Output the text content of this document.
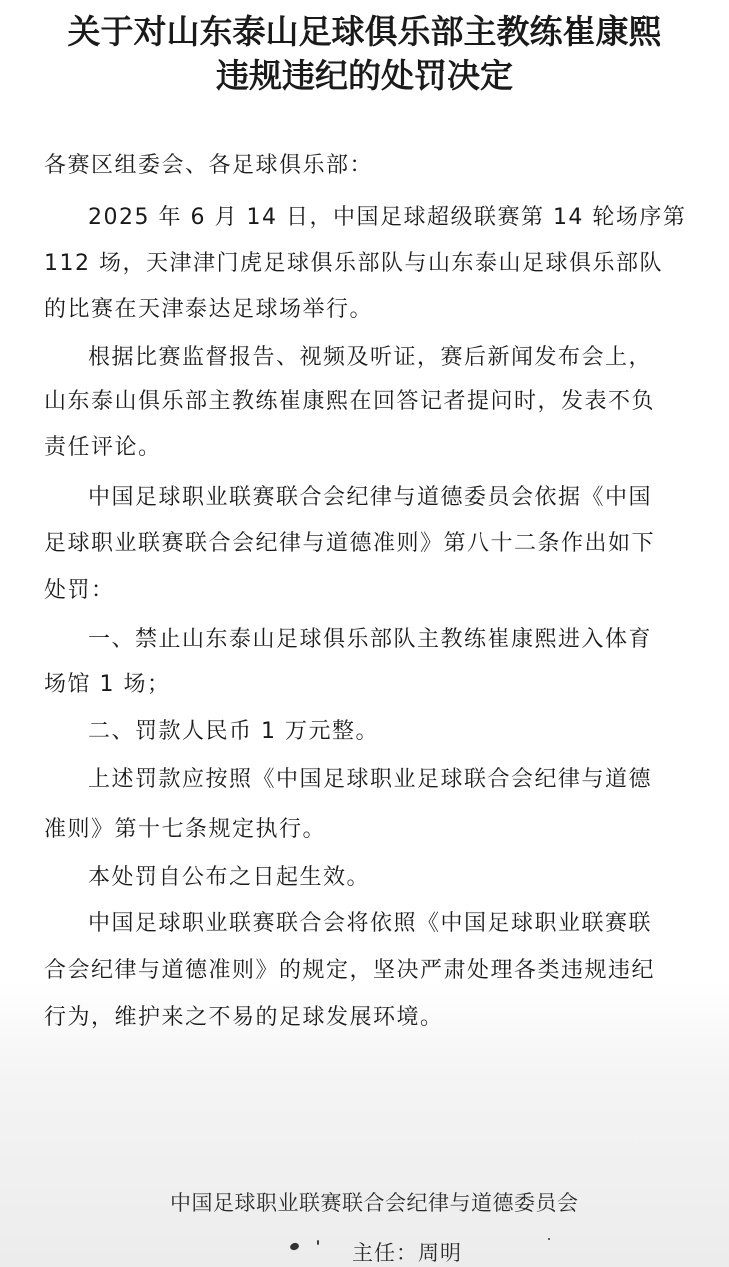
关于对山东泰山足球俱乐部主教练崔康熙
违规违纪的处罚决定
各赛区组委会、各足球俱乐部：
2025 年 6 月 14 日，中国足球超级联赛第 14 轮场序第
112 场，天津津门虎足球俱乐部队与山东泰山足球俱乐部队
的比赛在天津泰达足球场举行。
根据比赛监督报告、视频及听证，赛后新闻发布会上，
山东泰山俱乐部主教练崔康熙在回答记者提问时，发表不负
责任评论。
中国足球职业联赛联合会纪律与道德委员会依据《中国
足球职业联赛联合会纪律与道德准则》第八十二条作出如下
处罚：
一、禁止山东泰山足球俱乐部队主教练崔康熙进入体育
场馆 1 场；
二、罚款人民币 1 万元整。
上述罚款应按照《中国足球职业足球联合会纪律与道德
准则》第十七条规定执行。
本处罚自公布之日起生效。
中国足球职业联赛联合会将依照《中国足球职业联赛联
合会纪律与道德准则》的规定，坚决严肃处理各类违规违纪
行为，维护来之不易的足球发展环境。
中国足球职业联赛联合会纪律与道德委员会
主任：周明
